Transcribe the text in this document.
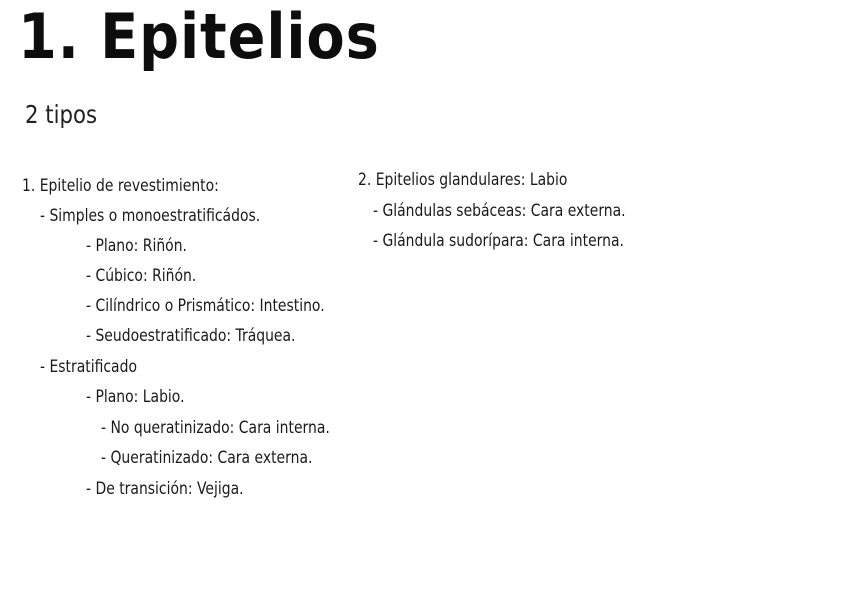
1. Epitelios
2 tipos
1. Epitelio de revestimiento:
- Simples o monoestratificádos.
- Plano: Riñón.
- Cúbico: Riñón.
- Cilíndrico o Prismático: Intestino.
- Seudoestratificado: Tráquea.
- Estratificado
- Plano: Labio.
- No queratinizado: Cara interna.
- Queratinizado: Cara externa.
- De transición: Vejiga.
2. Epitelios glandulares: Labio
- Glándulas sebáceas: Cara externa.
- Glándula sudorípara: Cara interna.
